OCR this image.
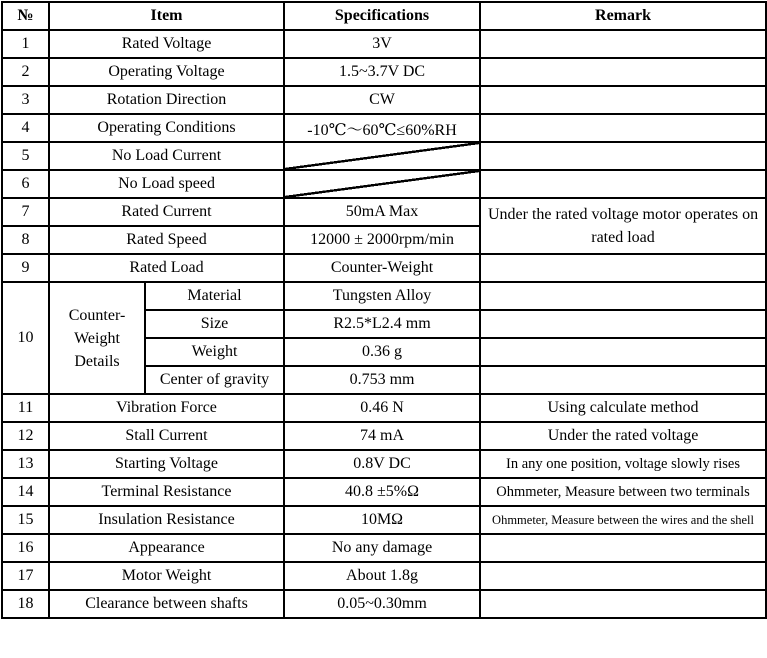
№	Item		Specifications	Remark
1	Rated Voltage		3V	
2	Operating Voltage		1.5~3.7V DC	
3	Rotation Direction		CW	
4	Operating Conditions		-10℃～60℃≤60%RH	
5	No Load Current			
6	No Load speed			
7	Rated Current		50mA Max	Under the rated voltage motor operates on rated load
8	Rated Speed		12000 ± 2000rpm/min	
9	Rated Load		Counter-Weight	
10	Counter-Weight Details	Material	Tungsten Alloy	
		Size	R2.5*L2.4 mm	
		Weight	0.36 g	
		Center of gravity	0.753 mm	
11	Vibration Force		0.46 N	Using calculate method
12	Stall Current		74 mA	Under the rated voltage
13	Starting Voltage		0.8V DC	In any one position, voltage slowly rises
14	Terminal Resistance		40.8 ±5%Ω	Ohmmeter, Measure between two terminals
15	Insulation Resistance		10MΩ	Ohmmeter, Measure between the wires and the shell
16	Appearance		No any damage	
17	Motor Weight		About 1.8g	
18	Clearance between shafts		0.05~0.30mm	
